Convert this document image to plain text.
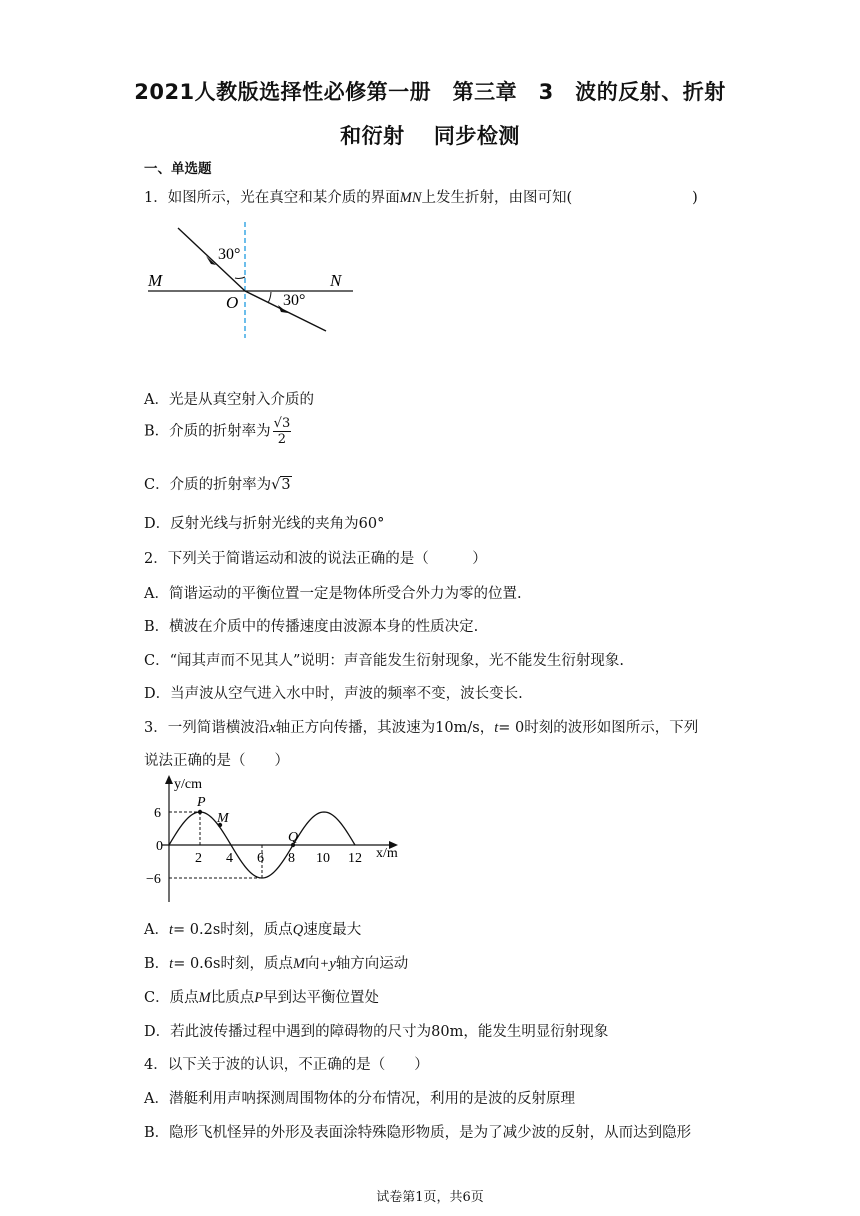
2021人教版选择性必修第一册　第三章　3　波的反射、折射
和衍射　 同步检测
一、单选题
1．如图所示，光在真空和某介质的界面MN上发生折射，由图可知(	)
M	N
O
30°
30°
A．光是从真空射入介质的
B．介质的折射率为 $\frac{√3}{2}$
C．介质的折射率为√3
D．反射光线与折射光线的夹角为60°
2．下列关于简谐运动和波的说法正确的是（　　　）
A．简谐运动的平衡位置一定是物体所受合外力为零的位置.
B．横波在介质中的传播速度由波源本身的性质决定.
C．“闻其声而不见其人”说明：声音能发生衍射现象，光不能发生衍射现象.
D．当声波从空气进入水中时，声波的频率不变，波长变长.
3．一列简谐横波沿x轴正方向传播，其波速为10m/s，t= 0时刻的波形如图所示，下列
说法正确的是（　　）
y/cm
x/m
0
6
−6
2 4 6 8 10 12
P
M
Q
A．t= 0.2s时刻，质点Q速度最大
B．t= 0.6s时刻，质点M向+y轴方向运动
C．质点M比质点P早到达平衡位置处
D．若此波传播过程中遇到的障碍物的尺寸为80m，能发生明显衍射现象
4．以下关于波的认识，不正确的是（　　）
A．潜艇利用声呐探测周围物体的分布情况，利用的是波的反射原理
B．隐形飞机怪异的外形及表面涂特殊隐形物质，是为了减少波的反射，从而达到隐形
试卷第1页，共6页
